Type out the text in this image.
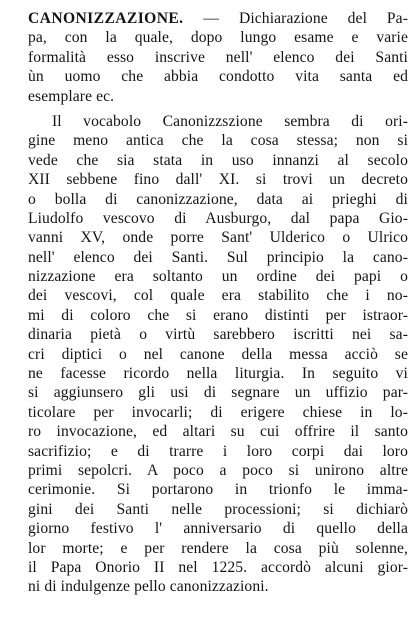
CANONIZZAZIONE. — Dichiarazione del Pa-
pa, con la quale, dopo lungo esame e varie
formalità esso inscrive nell' elenco dei Santi
ùn uomo che abbia condotto vita santa ed
esemplare ec.
Il vocabolo Canonizzszione sembra di ori-
gine meno antica che la cosa stessa; non si
vede che sia stata in uso innanzi al secolo
XII sebbene fino dall' XI. si trovi un decreto
o bolla di canonizzazione, data ai prieghi di
Liudolfo vescovo di Ausburgo, dal papa Gio-
vanni XV, onde porre Sant' Ulderico o Ulrico
nell' elenco dei Santi. Sul principio la cano-
nizzazione era soltanto un ordine dei papi o
dei vescovi, col quale era stabilito che i no-
mi di coloro che si erano distinti per istraor-
dinaria pietà o virtù sarebbero iscritti nei sa-
cri diptici o nel canone della messa acciò se
ne facesse ricordo nella liturgia. In seguito vi
si aggiunsero gli usi di segnare un uffizio par-
ticolare per invocarli; di erigere chiese in lo-
ro invocazione, ed altari su cui offrire il santo
sacrifizio; e di trarre i loro corpi dai loro
primi sepolcri. A poco a poco si unirono altre
cerimonie. Si portarono in trionfo le imma-
gini dei Santi nelle processioni; si dichiarò
giorno festivo l' anniversario di quello della
lor morte; e per rendere la cosa più solenne,
il Papa Onorio II nel 1225. accordò alcuni gior-
ni di indulgenze pello canonizzazioni.
